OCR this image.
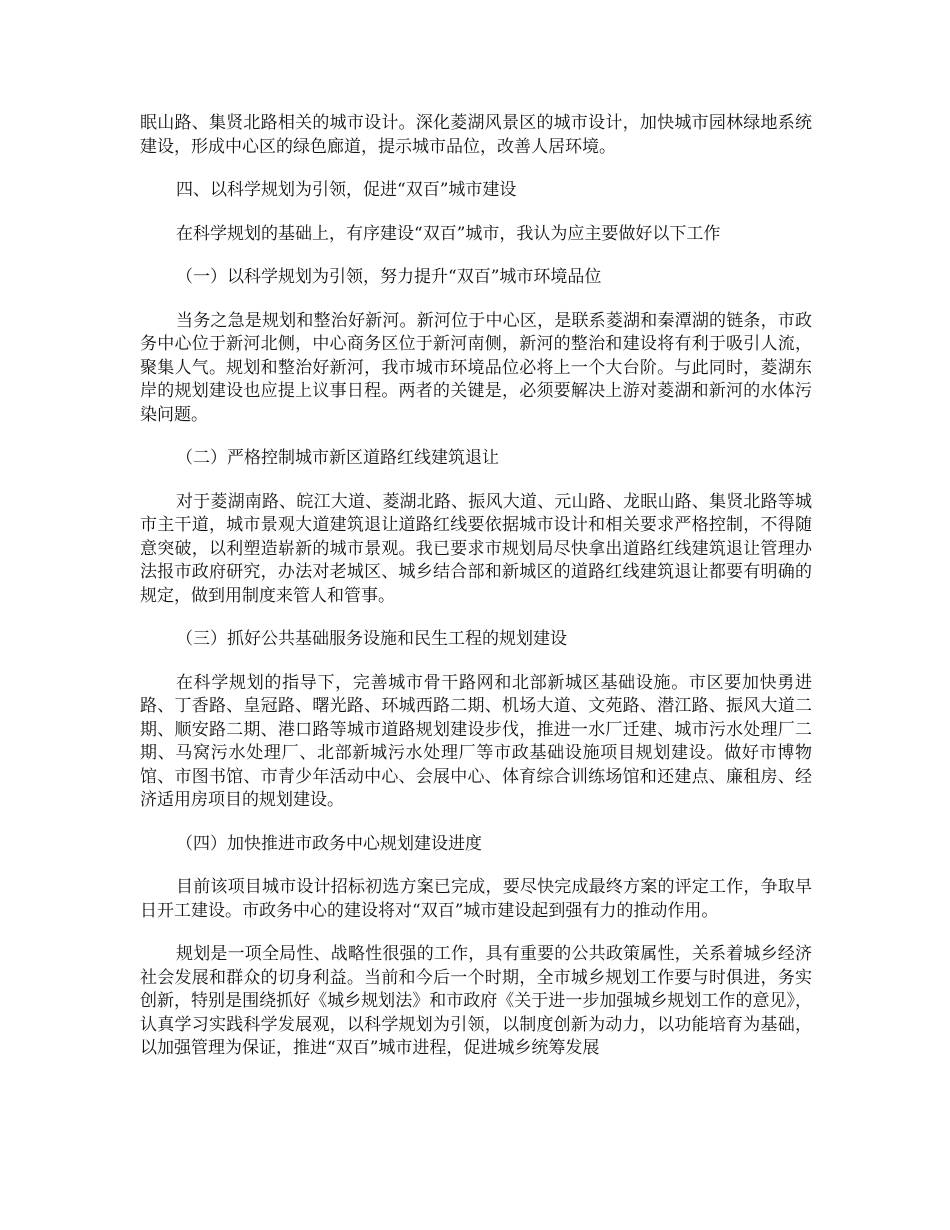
眠山路、集贤北路相关的城市设计。深化菱湖风景区的城市设计，加快城市园林绿地系统建设，形成中心区的绿色廊道，提示城市品位，改善人居环境。

四、以科学规划为引领，促进“双百”城市建设

在科学规划的基础上，有序建设“双百”城市，我认为应主要做好以下工作

（一）以科学规划为引领，努力提升“双百”城市环境品位

当务之急是规划和整治好新河。新河位于中心区，是联系菱湖和秦潭湖的链条，市政务中心位于新河北侧，中心商务区位于新河南侧，新河的整治和建设将有利于吸引人流，聚集人气。规划和整治好新河，我市城市环境品位必将上一个大台阶。与此同时，菱湖东岸的规划建设也应提上议事日程。两者的关键是，必须要解决上游对菱湖和新河的水体污染问题。

（二）严格控制城市新区道路红线建筑退让

对于菱湖南路、皖江大道、菱湖北路、振风大道、元山路、龙眠山路、集贤北路等城市主干道，城市景观大道建筑退让道路红线要依据城市设计和相关要求严格控制，不得随意突破，以利塑造崭新的城市景观。我已要求市规划局尽快拿出道路红线建筑退让管理办法报市政府研究，办法对老城区、城乡结合部和新城区的道路红线建筑退让都要有明确的规定，做到用制度来管人和管事。

（三）抓好公共基础服务设施和民生工程的规划建设

在科学规划的指导下，完善城市骨干路网和北部新城区基础设施。市区要加快勇进路、丁香路、皇冠路、曙光路、环城西路二期、机场大道、文苑路、潜江路、振风大道二期、顺安路二期、港口路等城市道路规划建设步伐，推进一水厂迁建、城市污水处理厂二期、马窝污水处理厂、北部新城污水处理厂等市政基础设施项目规划建设。做好市博物馆、市图书馆、市青少年活动中心、会展中心、体育综合训练场馆和还建点、廉租房、经济适用房项目的规划建设。

（四）加快推进市政务中心规划建设进度

目前该项目城市设计招标初选方案已完成，要尽快完成最终方案的评定工作，争取早日开工建设。市政务中心的建设将对“双百”城市建设起到强有力的推动作用。

规划是一项全局性、战略性很强的工作，具有重要的公共政策属性，关系着城乡经济社会发展和群众的切身利益。当前和今后一个时期，全市城乡规划工作要与时俱进，务实创新，特别是围绕抓好《城乡规划法》和市政府《关于进一步加强城乡规划工作的意见》，认真学习实践科学发展观，以科学规划为引领，以制度创新为动力，以功能培育为基础，以加强管理为保证，推进“双百”城市进程，促进城乡统筹发展
